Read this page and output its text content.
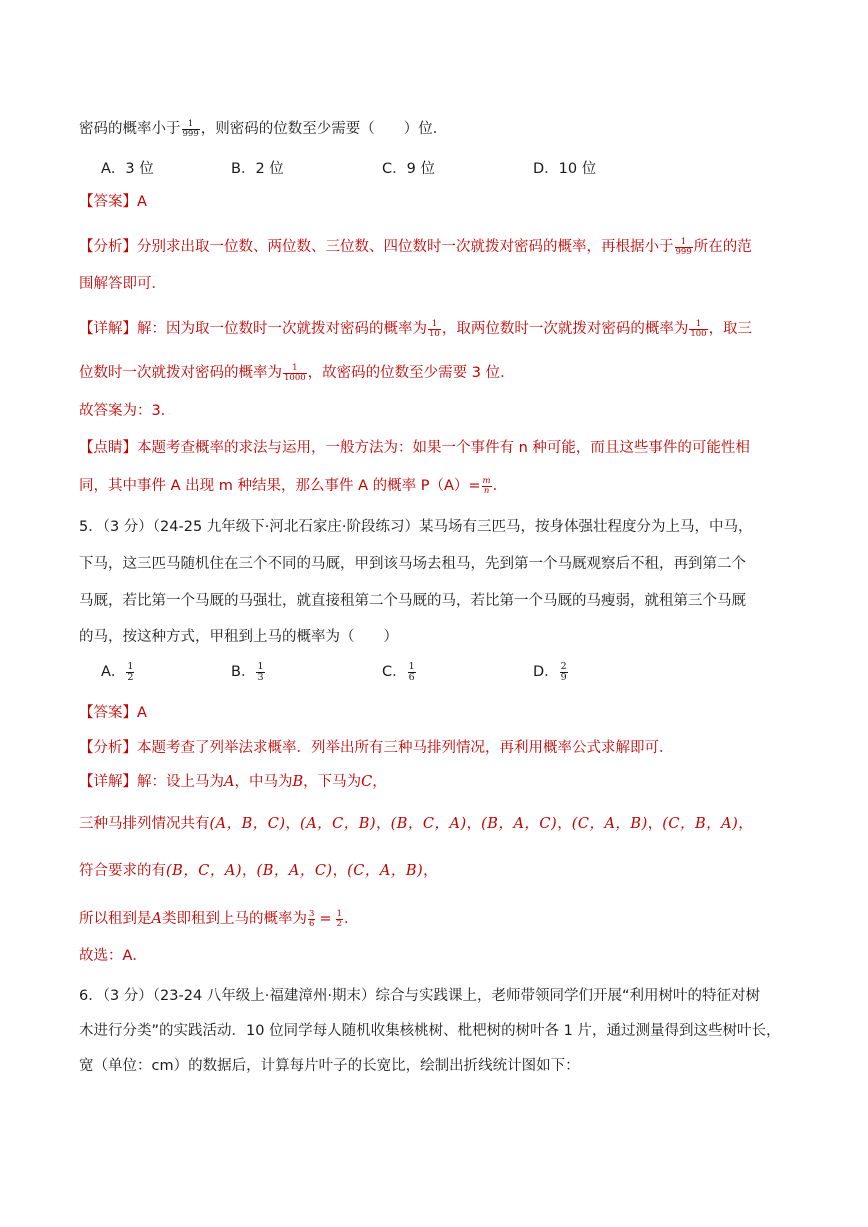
密码的概率小于 $\frac{1}{999}$ ，则密码的位数至少需要（　　）位．
A．3 位	B．2 位	C．9 位	D．10 位
【答案】A
【分析】分别求出取一位数、两位数、三位数、四位数时一次就拨对密码的概率，再根据小于 $\frac{1}{999}$ 所在的范
围解答即可．
【详解】解：因为取一位数时一次就拨对密码的概率为 $\frac{1}{10}$ ，取两位数时一次就拨对密码的概率为 $\frac{1}{100}$ ，取三
位数时一次就拨对密码的概率为 $\frac{1}{1000}$ ，故密码的位数至少需要 3 位．
故答案为：3．
【点睛】本题考查概率的求法与运用，一般方法为：如果一个事件有 n 种可能，而且这些事件的可能性相
同，其中事件 A 出现 m 种结果，那么事件 A 的概率 $P(A)= \frac{m}{n}$ ．
5．（3 分）（24-25 九年级下·河北石家庄·阶段练习）某马场有三匹马，按身体强壮程度分为上马，中马，
下马，这三匹马随机住在三个不同的马厩，甲到该马场去租马，先到第一个马厩观察后不租，再到第二个
马厩，若比第一个马厩的马强壮，就直接租第二个马厩的马，若比第一个马厩的马瘦弱，就租第三个马厩
的马，按这种方式，甲租到上马的概率为（　　）
A． $\frac{1}{2}$	B． $\frac{1}{3}$	C． $\frac{1}{6}$	D． $\frac{2}{9}$
【答案】A
【分析】本题考查了列举法求概率．列举出所有三种马排列情况，再利用概率公式求解即可．
【详解】解：设上马为A，中马为B，下马为C，
三种马排列情况共有(A，B，C)，(A，C，B)，(B，C，A)，(B，A，C)，(C，A，B)，(C，B，A)，
符合要求的有(B，C，A)，(B，A，C)，(C，A，B)，
所以租到是A类即租到上马的概率为 $\frac{3}{6} = \frac{1}{2}$ ．
故选：A．
6．（3 分）（23-24 八年级上·福建漳州·期末）综合与实践课上，老师带领同学们开展“利用树叶的特征对树
木进行分类”的实践活动．10 位同学每人随机收集核桃树、枇杷树的树叶各 1 片，通过测量得到这些树叶长，
宽（单位：cm）的数据后，计算每片叶子的长宽比，绘制出折线统计图如下：
